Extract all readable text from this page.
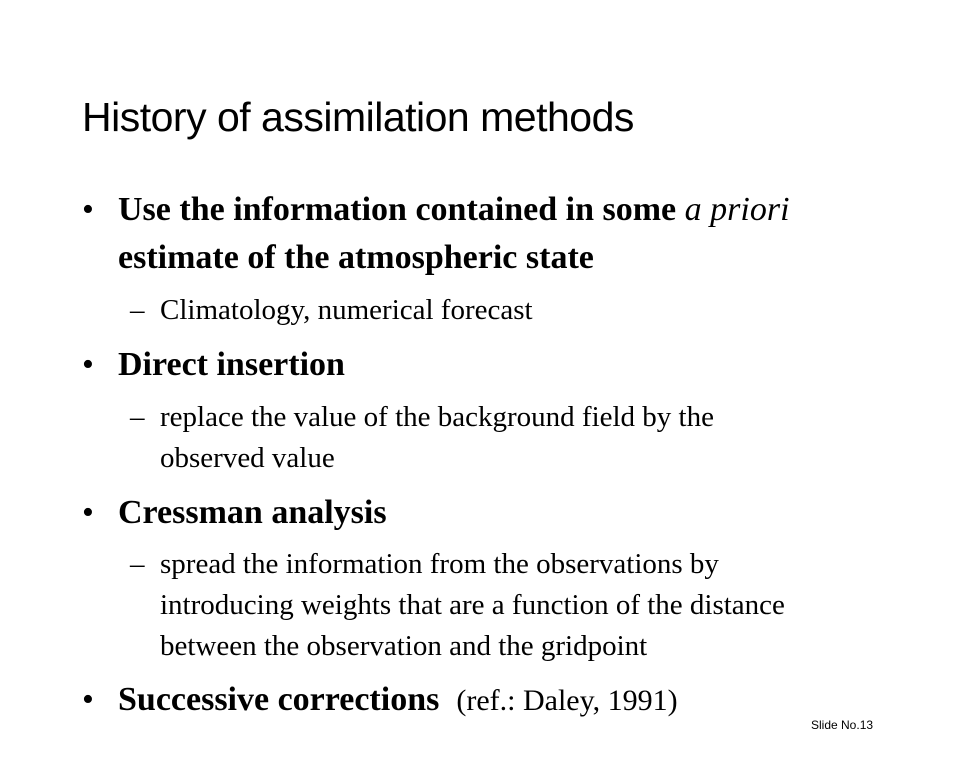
History of assimilation methods
• Use the information contained in some a priori
estimate of the atmospheric state
– Climatology, numerical forecast
• Direct insertion
– replace the value of the background field by the
observed value
• Cressman analysis
– spread the information from the observations by
introducing weights that are a function of the distance
between the observation and the gridpoint
• Successive corrections (ref.: Daley, 1991)
Slide No.13
